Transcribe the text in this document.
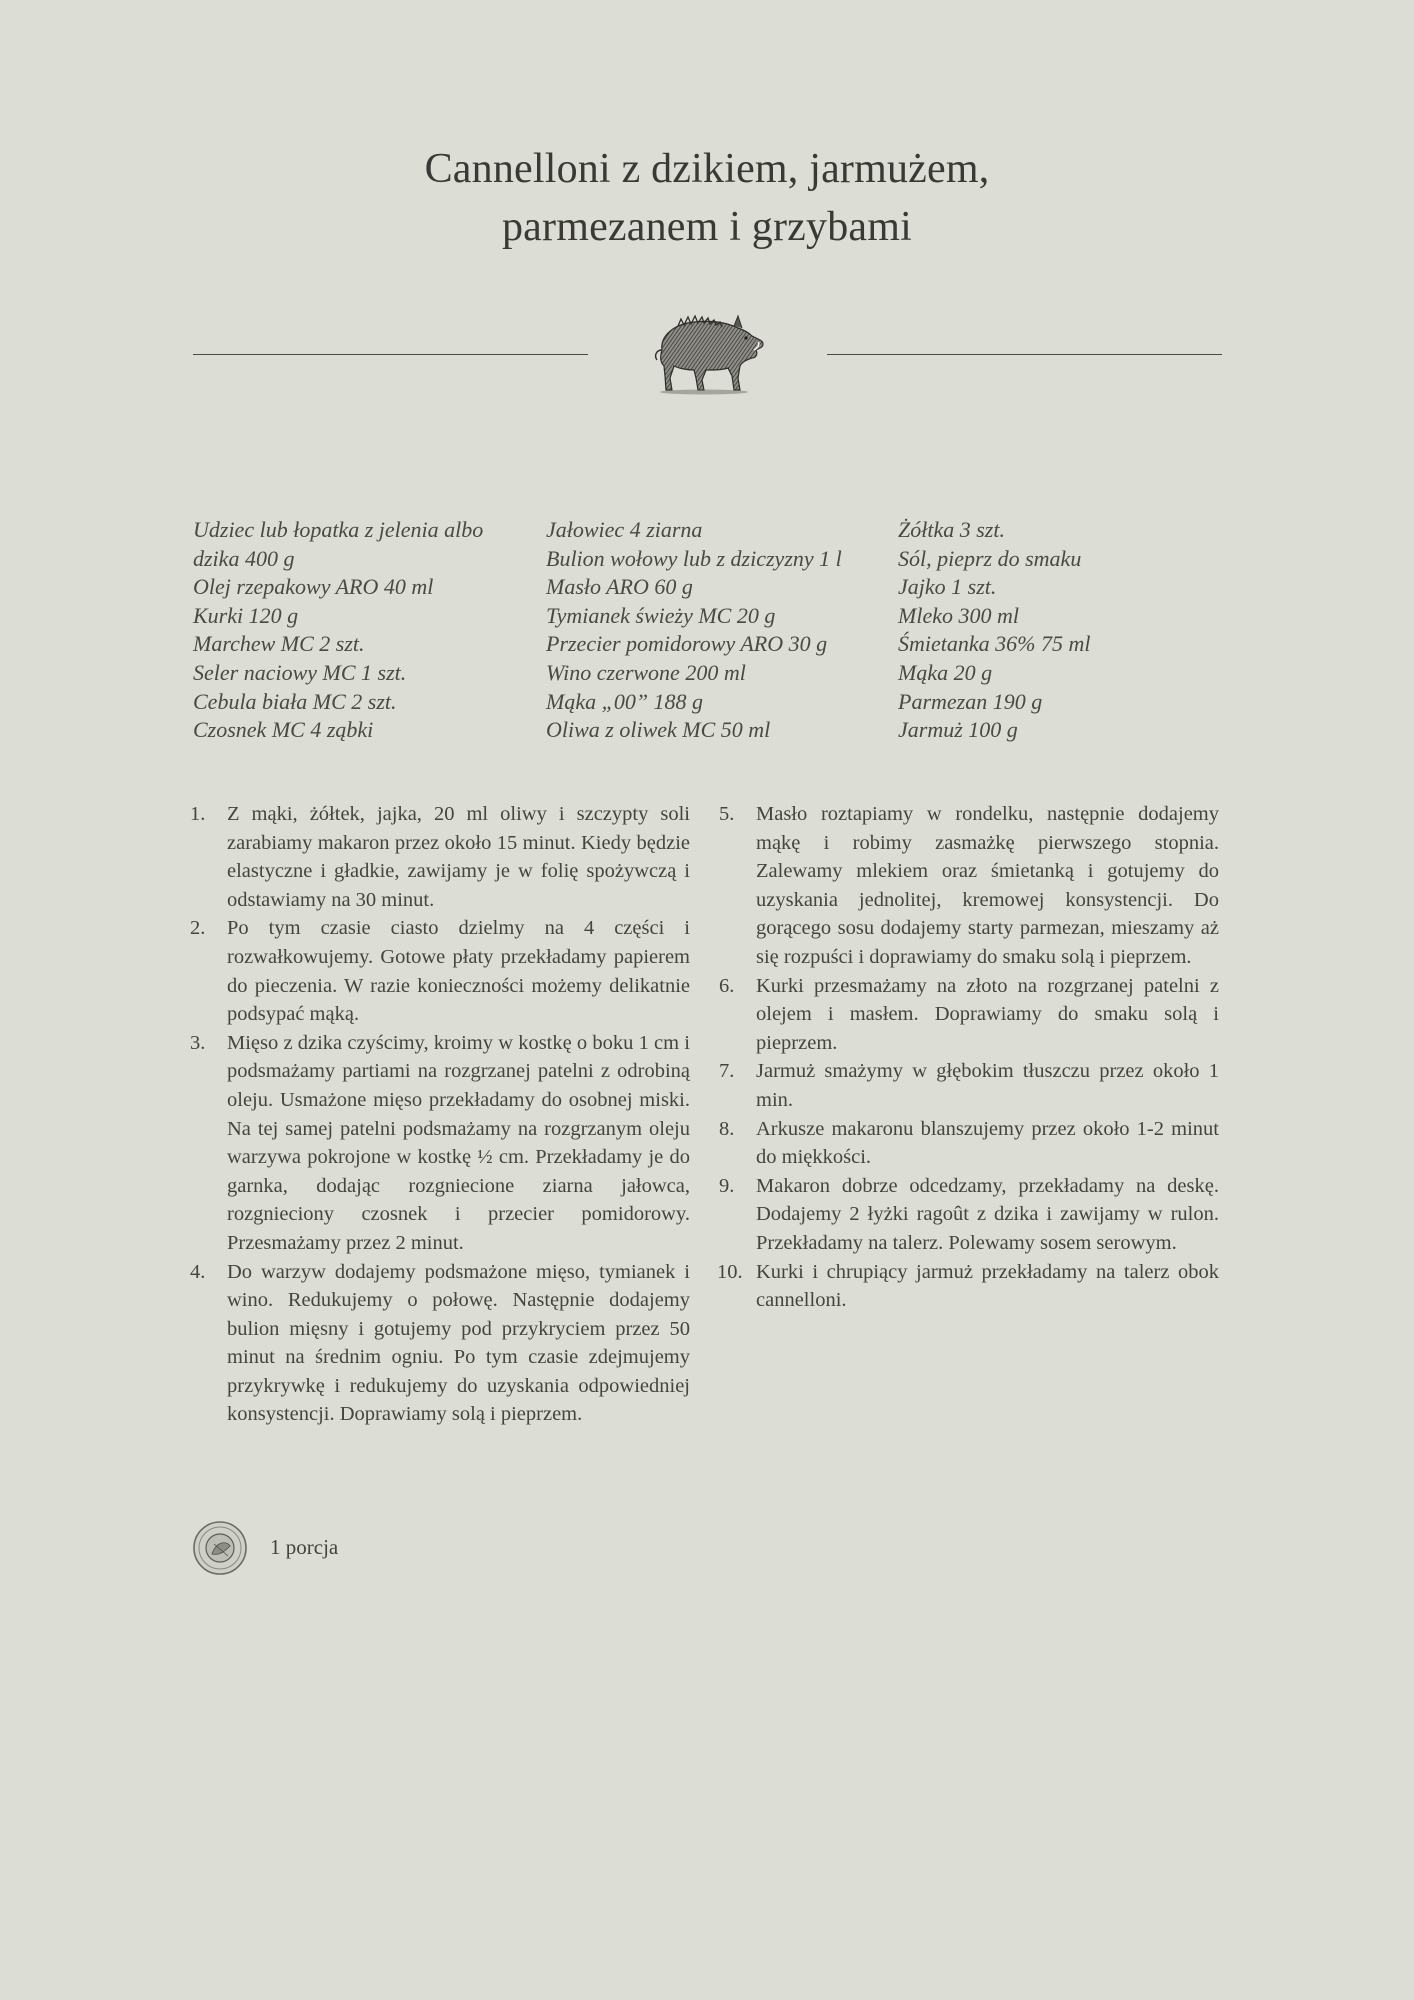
Cannelloni z dzikiem, jarmużem,
parmezanem i grzybami
Udziec lub łopatka z jelenia albo
dzika 400 g
Olej rzepakowy ARO 40 ml
Kurki 120 g
Marchew MC 2 szt.
Seler naciowy MC 1 szt.
Cebula biała MC 2 szt.
Czosnek MC 4 ząbki
Jałowiec 4 ziarna
Bulion wołowy lub z dziczyzny 1 l
Masło ARO 60 g
Tymianek świeży MC 20 g
Przecier pomidorowy ARO 30 g
Wino czerwone 200 ml
Mąka „00” 188 g
Oliwa z oliwek MC 50 ml
Żółtka 3 szt.
Sól, pieprz do smaku
Jajko 1 szt.
Mleko 300 ml
Śmietanka 36% 75 ml
Mąka 20 g
Parmezan 190 g
Jarmuż 100 g
1. Z mąki, żółtek, jajka, 20 ml oliwy i szczypty soli zarabiamy makaron przez około 15 minut. Kiedy będzie elastyczne i gładkie, zawijamy je w folię spożywczą i odstawiamy na 30 minut.
2. Po tym czasie ciasto dzielmy na 4 części i rozwałkowujemy. Gotowe płaty przekładamy papierem do pieczenia. W razie konieczności możemy delikatnie podsypać mąką.
3. Mięso z dzika czyścimy, kroimy w kostkę o boku 1 cm i podsmażamy partiami na rozgrzanej patelni z odrobiną oleju. Usmażone mięso przekładamy do osobnej miski. Na tej samej patelni podsmażamy na rozgrzanym oleju warzywa pokrojone w kostkę ½ cm. Przekładamy je do garnka, dodając rozgniecione ziarna jałowca, rozgnieciony czosnek i przecier pomidorowy. Przesmażamy przez 2 minut.
4. Do warzyw dodajemy podsmażone mięso, tymianek i wino. Redukujemy o połowę. Następnie dodajemy bulion mięsny i gotujemy pod przykryciem przez 50 minut na średnim ogniu. Po tym czasie zdejmujemy przykrywkę i redukujemy do uzyskania odpowiedniej konsystencji. Doprawiamy solą i pieprzem.
5. Masło roztapiamy w rondelku, następnie dodajemy mąkę i robimy zasmażkę pierwszego stopnia. Zalewamy mlekiem oraz śmietanką i gotujemy do uzyskania jednolitej, kremowej konsystencji. Do gorącego sosu dodajemy starty parmezan, mieszamy aż się rozpuści i doprawiamy do smaku solą i pieprzem.
6. Kurki przesmażamy na złoto na rozgrzanej patelni z olejem i masłem. Doprawiamy do smaku solą i pieprzem.
7. Jarmuż smażymy w głębokim tłuszczu przez około 1 min.
8. Arkusze makaronu blanszujemy przez około 1-2 minut do miękkości.
9. Makaron dobrze odcedzamy, przekładamy na deskę. Dodajemy 2 łyżki ragoût z dzika i zawijamy w rulon. Przekładamy na talerz. Polewamy sosem serowym.
10. Kurki i chrupiący jarmuż przekładamy na talerz obok cannelloni.
1 porcja
